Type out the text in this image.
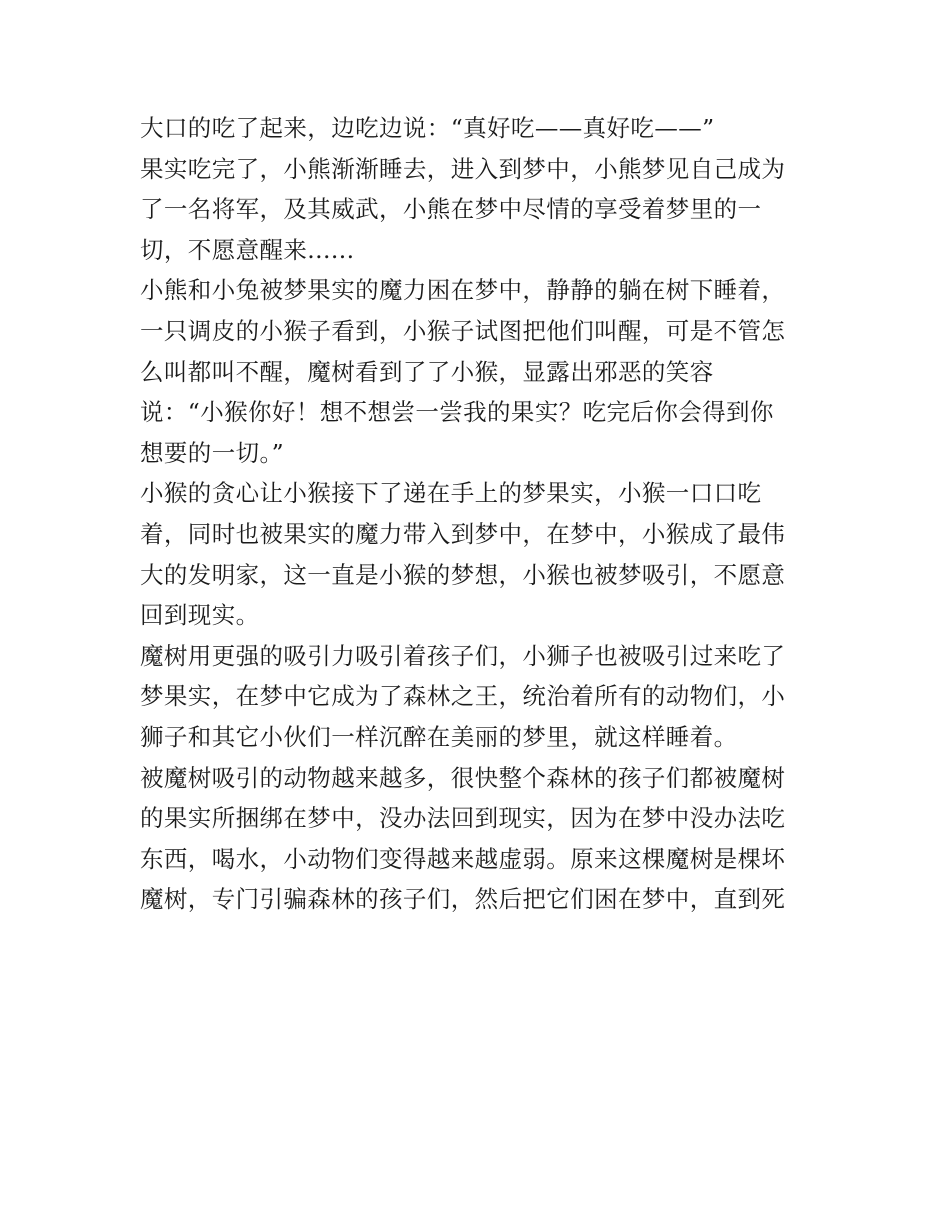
大口的吃了起来，边吃边说：“真好吃——真好吃——”
果实吃完了，小熊渐渐睡去，进入到梦中，小熊梦见自己成为
了一名将军，及其威武，小熊在梦中尽情的享受着梦里的一
切，不愿意醒来......
小熊和小兔被梦果实的魔力困在梦中，静静的躺在树下睡着，
一只调皮的小猴子看到，小猴子试图把他们叫醒，可是不管怎
么叫都叫不醒，魔树看到了了小猴，显露出邪恶的笑容
说：“小猴你好！想不想尝一尝我的果实？吃完后你会得到你
想要的一切。”
小猴的贪心让小猴接下了递在手上的梦果实，小猴一口口吃
着，同时也被果实的魔力带入到梦中，在梦中，小猴成了最伟
大的发明家，这一直是小猴的梦想，小猴也被梦吸引，不愿意
回到现实。
魔树用更强的吸引力吸引着孩子们，小狮子也被吸引过来吃了
梦果实，在梦中它成为了森林之王，统治着所有的动物们，小
狮子和其它小伙们一样沉醉在美丽的梦里，就这样睡着。
被魔树吸引的动物越来越多，很快整个森林的孩子们都被魔树
的果实所捆绑在梦中，没办法回到现实，因为在梦中没办法吃
东西，喝水，小动物们变得越来越虚弱。原来这棵魔树是棵坏
魔树，专门引骗森林的孩子们，然后把它们困在梦中，直到死
